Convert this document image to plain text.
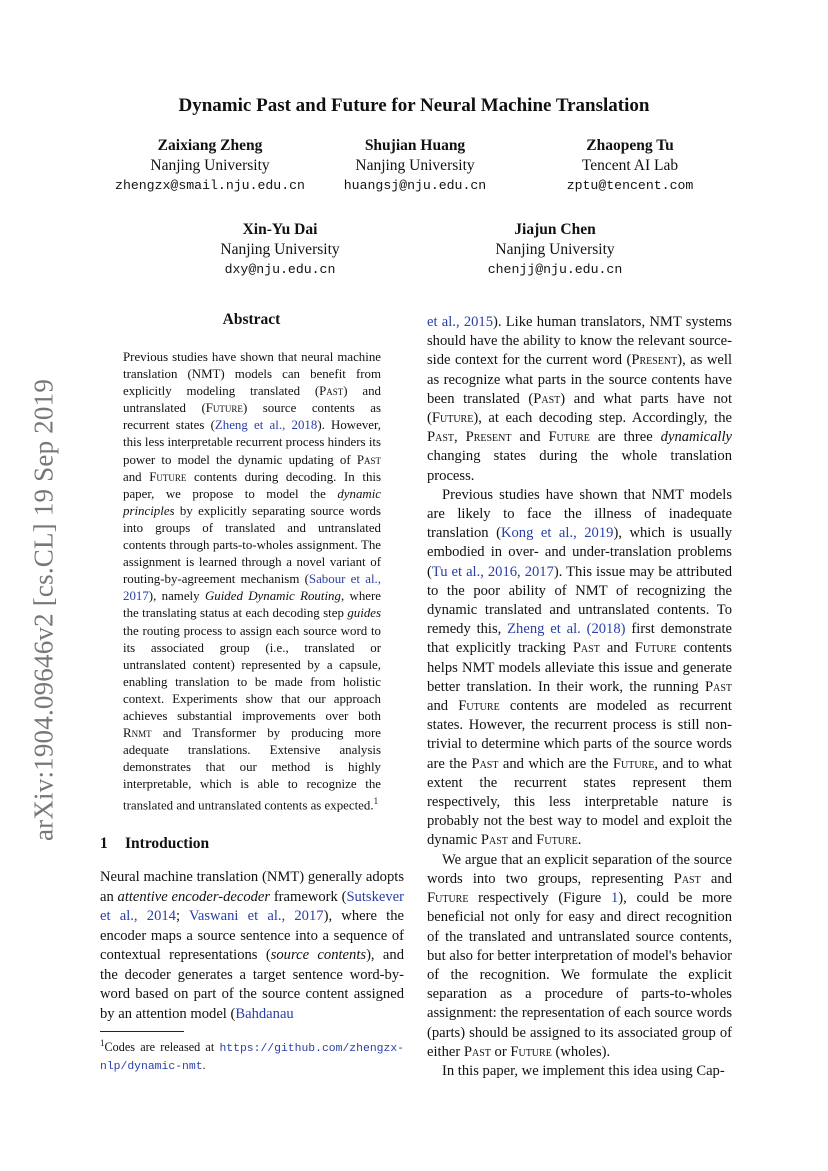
arXiv:1904.09646v2 [cs.CL] 19 Sep 2019
Dynamic Past and Future for Neural Machine Translation
Zaixiang Zheng
Nanjing University
zhengzx@smail.nju.edu.cn
Shujian Huang
Nanjing University
huangsj@nju.edu.cn
Zhaopeng Tu
Tencent AI Lab
zptu@tencent.com
Xin-Yu Dai
Nanjing University
dxy@nju.edu.cn
Jiajun Chen
Nanjing University
chenjj@nju.edu.cn
Abstract
Previous studies have shown that neural machine translation (NMT) models can benefit from explicitly modeling translated (Past) and untranslated (Future) source contents as recurrent states (Zheng et al., 2018). However, this less interpretable recurrent process hinders its power to model the dynamic updating of Past and Future contents during decoding. In this paper, we propose to model the dynamic principles by explicitly separating source words into groups of translated and untranslated contents through parts-to-wholes assignment. The assignment is learned through a novel variant of routing-by-agreement mechanism (Sabour et al., 2017), namely Guided Dynamic Routing, where the translating status at each decoding step guides the routing process to assign each source word to its associated group (i.e., translated or untranslated content) represented by a capsule, enabling translation to be made from holistic context. Experiments show that our approach achieves substantial improvements over both Rnmt and Transformer by producing more adequate translations. Extensive analysis demonstrates that our method is highly interpretable, which is able to recognize the translated and untranslated contents as expected.$^1$
1 Introduction
Neural machine translation (NMT) generally adopts an attentive encoder-decoder framework (Sutskever et al., 2014; Vaswani et al., 2017), where the encoder maps a source sentence into a sequence of contextual representations (source contents), and the decoder generates a target sentence word-by-word based on part of the source content assigned by an attention model (Bahdanau

et al., 2015). Like human translators, NMT systems should have the ability to know the relevant source-side context for the current word (Present), as well as recognize what parts in the source contents have been translated (Past) and what parts have not (Future), at each decoding step. Accordingly, the Past, Present and Future are three dynamically changing states during the whole translation process.

Previous studies have shown that NMT models are likely to face the illness of inadequate translation (Kong et al., 2019), which is usually embodied in over- and under-translation problems (Tu et al., 2016, 2017). This issue may be attributed to the poor ability of NMT of recognizing the dynamic translated and untranslated contents. To remedy this, Zheng et al. (2018) first demonstrate that explicitly tracking Past and Future contents helps NMT models alleviate this issue and generate better translation. In their work, the running Past and Future contents are modeled as recurrent states. However, the recurrent process is still non-trivial to determine which parts of the source words are the Past and which are the Future, and to what extent the recurrent states represent them respectively, this less interpretable nature is probably not the best way to model and exploit the dynamic Past and Future.

We argue that an explicit separation of the source words into two groups, representing Past and Future respectively (Figure 1), could be more beneficial not only for easy and direct recognition of the translated and untranslated source contents, but also for better interpretation of model's behavior of the recognition. We formulate the explicit separation as a procedure of parts-to-wholes assignment: the representation of each source words (parts) should be assigned to its associated group of either Past or Future (wholes).

In this paper, we implement this idea using Cap-

$^1$Codes are released at https://github.com/zhengzx-nlp/dynamic-nmt.
